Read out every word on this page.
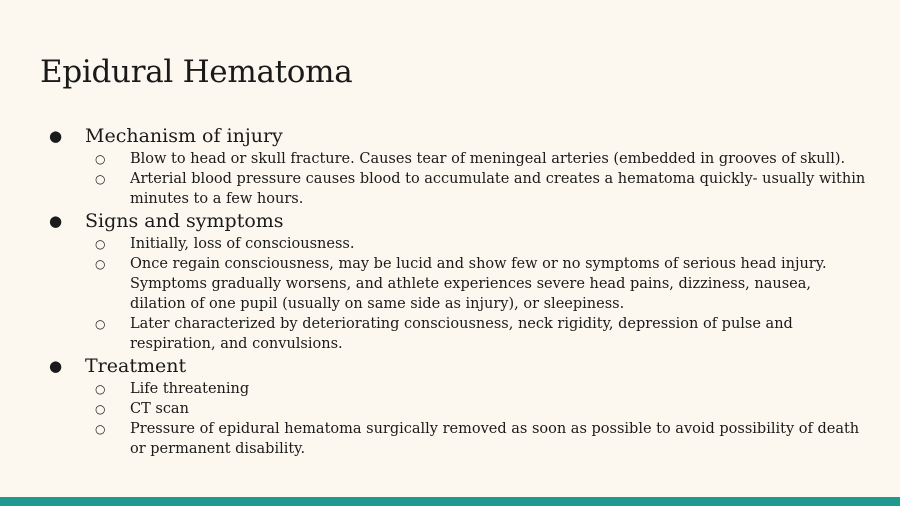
Epidural Hematoma
● Mechanism of injury
○ Blow to head or skull fracture. Causes tear of meningeal arteries (embedded in grooves of skull).
○ Arterial blood pressure causes blood to accumulate and creates a hematoma quickly- usually within minutes to a few hours.
● Signs and symptoms
○ Initially, loss of consciousness.
○ Once regain consciousness, may be lucid and show few or no symptoms of serious head injury. Symptoms gradually worsens, and athlete experiences severe head pains, dizziness, nausea, dilation of one pupil (usually on same side as injury), or sleepiness.
○ Later characterized by deteriorating consciousness, neck rigidity, depression of pulse and respiration, and convulsions.
● Treatment
○ Life threatening
○ CT scan
○ Pressure of epidural hematoma surgically removed as soon as possible to avoid possibility of death or permanent disability.
